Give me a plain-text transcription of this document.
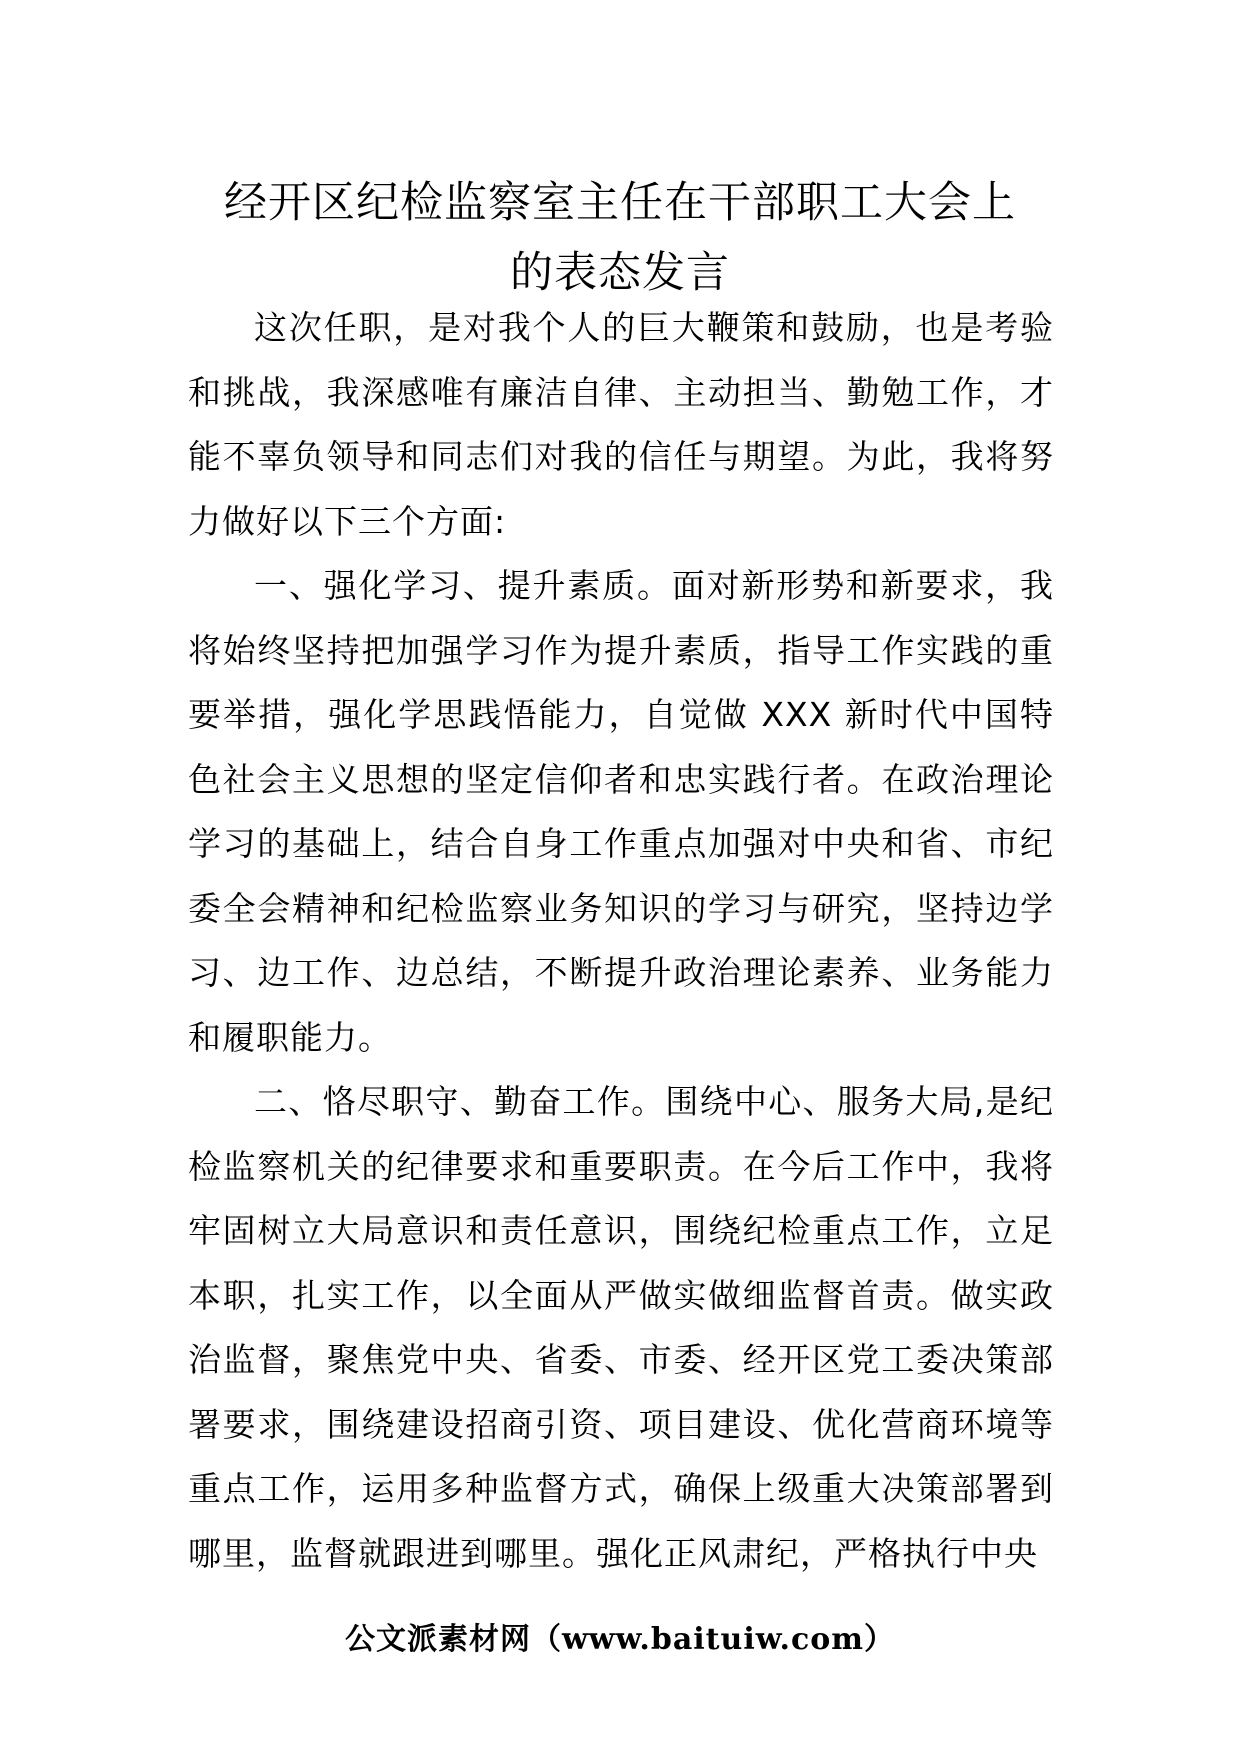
经开区纪检监察室主任在干部职工大会上
的表态发言

这次任职，是对我个人的巨大鞭策和鼓励，也是考验和挑战，我深感唯有廉洁自律、主动担当、勤勉工作，才能不辜负领导和同志们对我的信任与期望。为此，我将努力做好以下三个方面:

一、强化学习、提升素质。面对新形势和新要求，我将始终坚持把加强学习作为提升素质，指导工作实践的重要举措，强化学思践悟能力，自觉做 XXX 新时代中国特色社会主义思想的坚定信仰者和忠实践行者。在政治理论学习的基础上，结合自身工作重点加强对中央和省、市纪委全会精神和纪检监察业务知识的学习与研究，坚持边学习、边工作、边总结，不断提升政治理论素养、业务能力和履职能力。

二、恪尽职守、勤奋工作。围绕中心、服务大局,是纪检监察机关的纪律要求和重要职责。在今后工作中，我将牢固树立大局意识和责任意识，围绕纪检重点工作，立足本职，扎实工作，以全面从严做实做细监督首责。做实政治监督，聚焦党中央、省委、市委、经开区党工委决策部署要求，围绕建设招商引资、项目建设、优化营商环境等重点工作，运用多种监督方式，确保上级重大决策部署到哪里，监督就跟进到哪里。强化正风肃纪，严格执行中央

公文派素材网（www.baituiw.com）
